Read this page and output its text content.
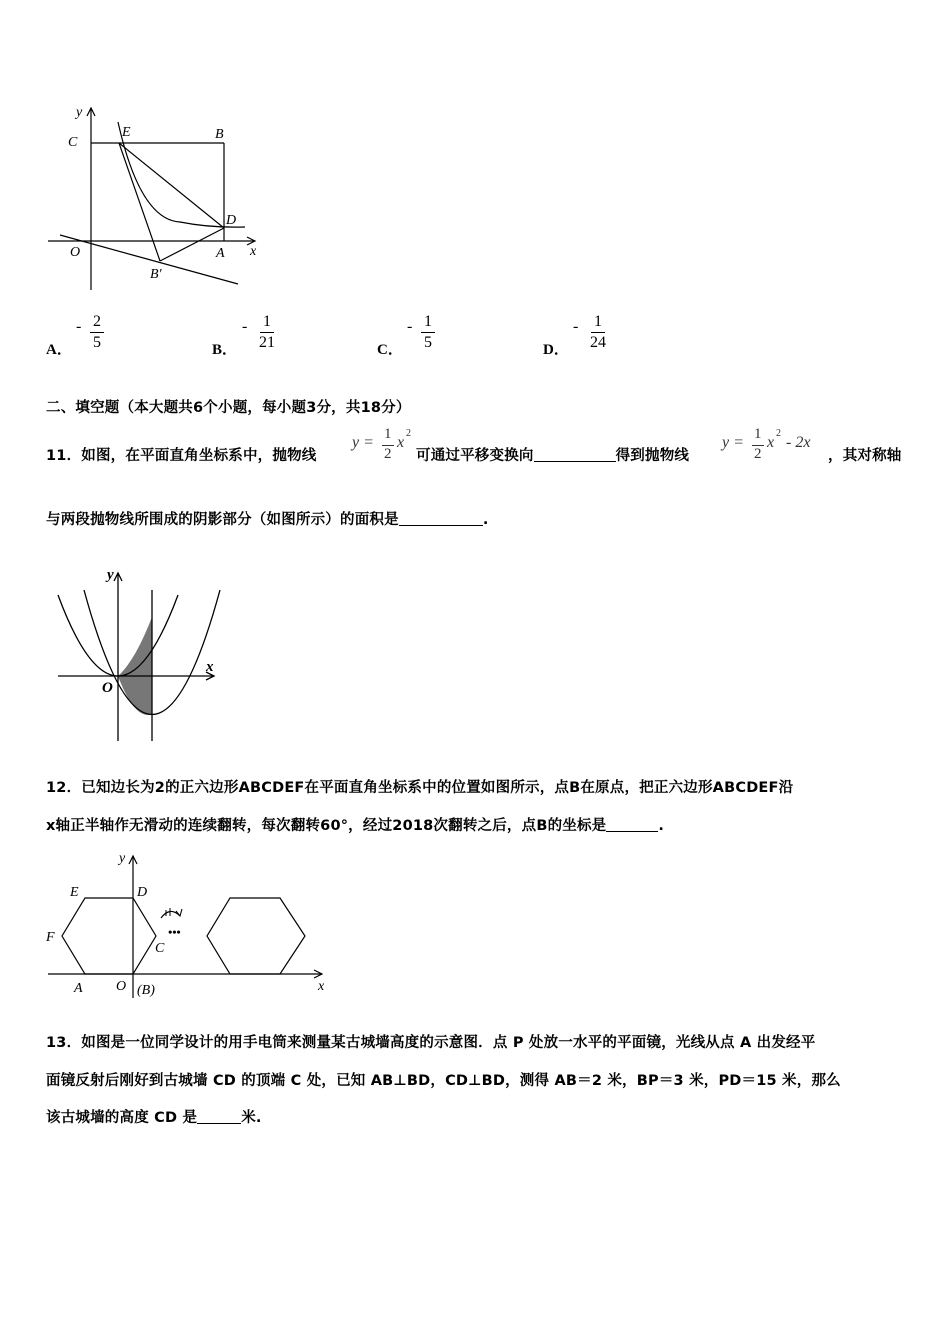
y
C
E	B
D
O	A x
B′
A．
- $\frac{2}{5}$	B．
- $\frac{1}{21}$	C．
- $\frac{1}{5}$	D．
- $\frac{1}{24}$
二、填空题（本大题共6个小题，每小题3分，共18分）
11．如图，在平面直角坐标系中，抛物线
y = 1
2
x
2
可通过平移变换向	得到抛物线
y = 1
2
x
2
- 2x
，其对称轴
与两段抛物线所围成的阴影部分（如图所示）的面积是	.
y
x
O
12．已知边长为2的正六边形ABCDEF在平面直角坐标系中的位置如图所示，点B在原点，把正六边形ABCDEF沿
x轴正半轴作无滑动的连续翻转，每次翻转60°，经过2018次翻转之后，点B的坐标是	.
•••
y
x
E	D
F
C
A O (B)
13．如图是一位同学设计的用手电筒来测量某古城墙高度的示意图．点 P 处放一水平的平面镜，光线从点 A 出发经平
面镜反射后刚好到古城墙 CD 的顶端 C 处，已知 AB⊥BD，CD⊥BD，测得 AB＝2 米，BP＝3 米，PD＝15 米，那么
该古城墙的高度 CD 是	米.
